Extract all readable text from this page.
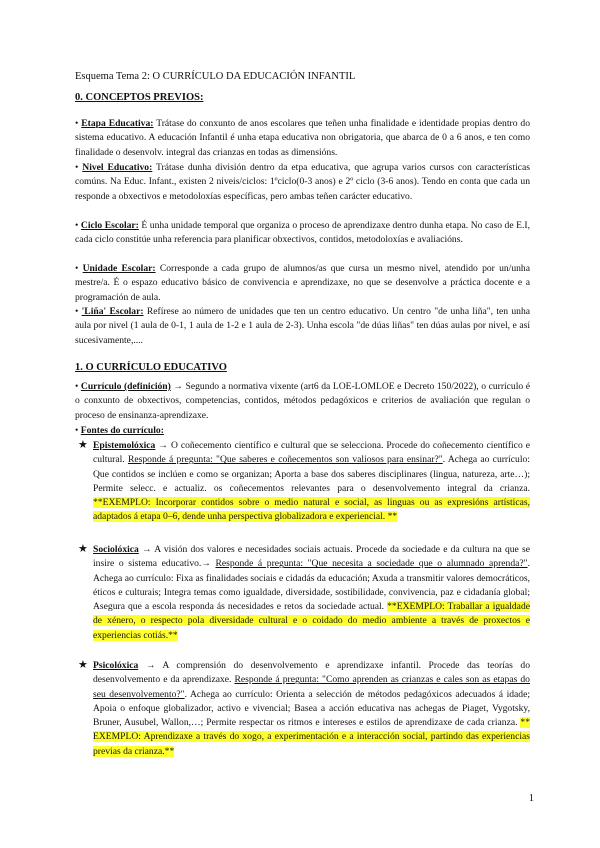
Esquema Tema 2: O CURRÍCULO DA EDUCACIÓN INFANTIL
0. CONCEPTOS PREVIOS:
• Etapa Educativa: Trátase do conxunto de anos escolares que teñen unha finalidade e identidade propias dentro do sistema educativo. A educación Infantil é unha etapa educativa non obrigatoria, que abarca de 0 a 6 anos, e ten como finalidade o desenvolv. integral das crianzas en todas as dimensións.
• Nivel Educativo: Trátase dunha división dentro da etpa educativa, que agrupa varios cursos con características comúns. Na Educ. Infant., existen 2 niveis/ciclos: 1ºciclo(0-3 anos) e 2º ciclo (3-6 anos). Tendo en conta que cada un responde a obxectivos e metodoloxías específicas, pero ambas teñen carácter educativo.
• Ciclo Escolar: É unha unidade temporal que organiza o proceso de aprendizaxe dentro dunha etapa. No caso de E.I, cada ciclo constitúe unha referencia para planificar obxectivos, contidos, metodoloxías e avaliacións.
• Unidade Escolar: Corresponde a cada grupo de alumnos/as que cursa un mesmo nivel, atendido por un/unha mestre/a. É o espazo educativo básico de convivencia e aprendizaxe, no que se desenvolve a práctica docente e a programación de aula.
• 'Liña' Escolar: Refírese ao número de unidades que ten un centro educativo. Un centro "de unha liña", ten unha aula por nivel (1 aula de 0-1, 1 aula de 1-2 e 1 aula de 2-3). Unha escola "de dúas liñas" ten dúas aulas por nivel, e así sucesivamente,....
1. O CURRÍCULO EDUCATIVO
• Currículo (definición) → Segundo a normativa vixente (art6 da LOE-LOMLOE e Decreto 150/2022), o currículo é o conxunto de obxectivos, competencias, contidos, métodos pedagóxicos e criterios de avaliación que regulan o proceso de ensinanza-aprendizaxe.
• Fontes do currículo:
★ Epistemolóxica → O coñecemento científico e cultural que se selecciona. Procede do coñecemento científico e cultural. Responde á pregunta: "Que saberes e coñecementos son valiosos para ensinar?". Achega ao currículo: Que contidos se inclúen e como se organizan; Aporta a base dos saberes disciplinares (lingua, natureza, arte…); Permite selecc. e actualiz. os coñecementos relevantes para o desenvolvemento integral da crianza. **EXEMPLO: Incorporar contidos sobre o medio natural e social, as linguas ou as expresións artísticas, adaptados á etapa 0–6, dende unha perspectiva globalizadora e experiencial. **
★ Sociolóxica → A visión dos valores e necesidades sociais actuais. Procede da sociedade e da cultura na que se insire o sistema educativo.→ Responde á pregunta: "Que necesita a sociedade que o alumnado aprenda?". Achega ao currículo: Fixa as finalidades sociais e cidadás da educación; Axuda a transmitir valores democráticos, éticos e culturais; Integra temas como igualdade, diversidade, sostibilidade, convivencia, paz e cidadanía global; Asegura que a escola responda ás necesidades e retos da sociedade actual. **EXEMPLO: Traballar a igualdade de xénero, o respecto pola diversidade cultural e o coidado do medio ambiente a través de proxectos e experiencias cotiás.**
★ Psicolóxica → A comprensión do desenvolvemento e aprendizaxe infantil. Procede das teorías do desenvolvemento e da aprendizaxe. Responde á pregunta: "Como aprenden as crianzas e cales son as etapas do seu desenvolvemento?". Achega ao currículo: Orienta a selección de métodos pedagóxicos adecuados á idade; Apoia o enfoque globalizador, activo e vivencial; Basea a acción educativa nas achegas de Piaget, Vygotsky, Bruner, Ausubel, Wallon,…; Permite respectar os ritmos e intereses e estilos de aprendizaxe de cada crianza. ** EXEMPLO: Aprendizaxe a través do xogo, a experimentación e a interacción social, partindo das experiencias previas da crianza.**
1
